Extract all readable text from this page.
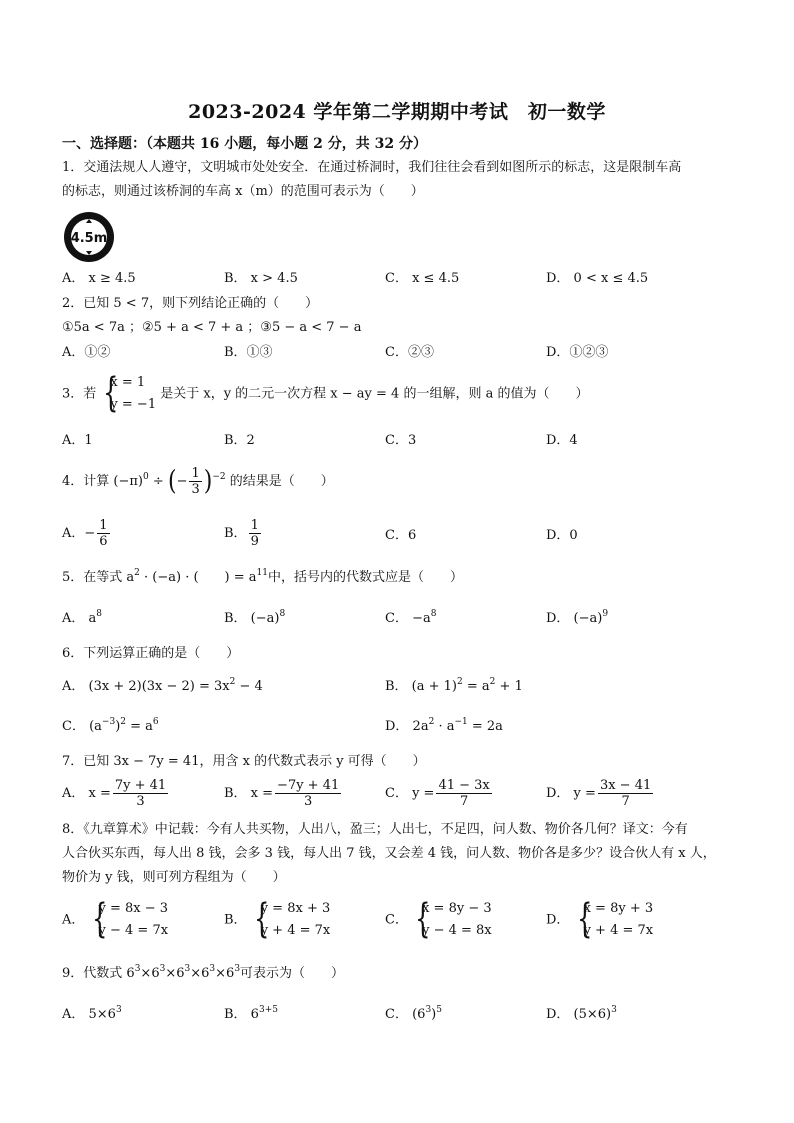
2023-2024 学年第二学期期中考试　初一数学
一、选择题：（本题共 16 小题，每小题 2 分，共 32 分）
1．交通法规人人遵守，文明城市处处安全．在通过桥洞时，我们往往会看到如图所示的标志，这是限制车高
的标志，则通过该桥洞的车高 x（m）的范围可表示为（　　）
4.5m
A． x ≥ 4.5	B． x > 4.5	C． x ≤ 4.5	D． 0 < x ≤ 4.5
2．已知 5 < 7，则下列结论正确的（　　）
①5a < 7a ；②5 + a < 7 + a ；③5 − a < 7 − a
A．①②	B．①③	C．②③	D．①②③
3．若
{ x = 1
y = −1
是关于 x，y 的二元一次方程 x − ay = 4 的一组解，则 a 的值为（　　）
A．1	B．2	C．3	D．4
4．计算 $(-\pi)^0$ ÷ (− $\frac{1}{3} )^{-2}$ 的结果是（　　）
A．− $\frac{1}{6}$	B． $\frac{1}{9}$	C．6	D．0
5．在等式 $a^2 \cdot (-a)$ · (　　) = $a^{11}$中，括号内的代数式应是（　　）
A． $a^8$	B． $(-a)^8$	C． $-a^8$	D． $(-a)^9$
6．下列运算正确的是（　　）
A． $(3x + 2)(3x - 2) = 3x^2 - 4$	B． $(a + 1)^2 = a^2 + 1$
C． $(a^{-3})^2 = a^6$	D． $2a^2 \cdot a^{-1} = 2a$
7．已知 3x − 7y = 41，用含 x 的代数式表示 y 可得（　　）
A． $x = \frac{7y + 41}{3}$	B． $x = \frac{-7y + 41}{3}$	C． $y = \frac{41 - 3x}{7}$	D． $y = \frac{3x - 41}{7}$
8．《九章算术》中记载：今有人共买物，人出八，盈三；人出七，不足四，问人数、物价各几何？译文：今有
人合伙买东西，每人出 8 钱，会多 3 钱，每人出 7 钱，又会差 4 钱，问人数、物价各是多少？设合伙人有 x 人，
物价为 y 钱，则可列方程组为（　　）
A．
{ y = 8x − 3
y − 4 = 7x
B．
{ y = 8x + 3
y + 4 = 7x
C．
{ x = 8y − 3
y − 4 = 8x
D．
{ x = 8y + 3
y + 4 = 7x
9．代数式 $6^3\times 6^3\times 6^3\times 6^3\times 6^3$可表示为（　　）
A． $5\times 6^3$	B． $6^{3+5}$	C． $(6^3)^5$	D． $(5\times 6)^3$
